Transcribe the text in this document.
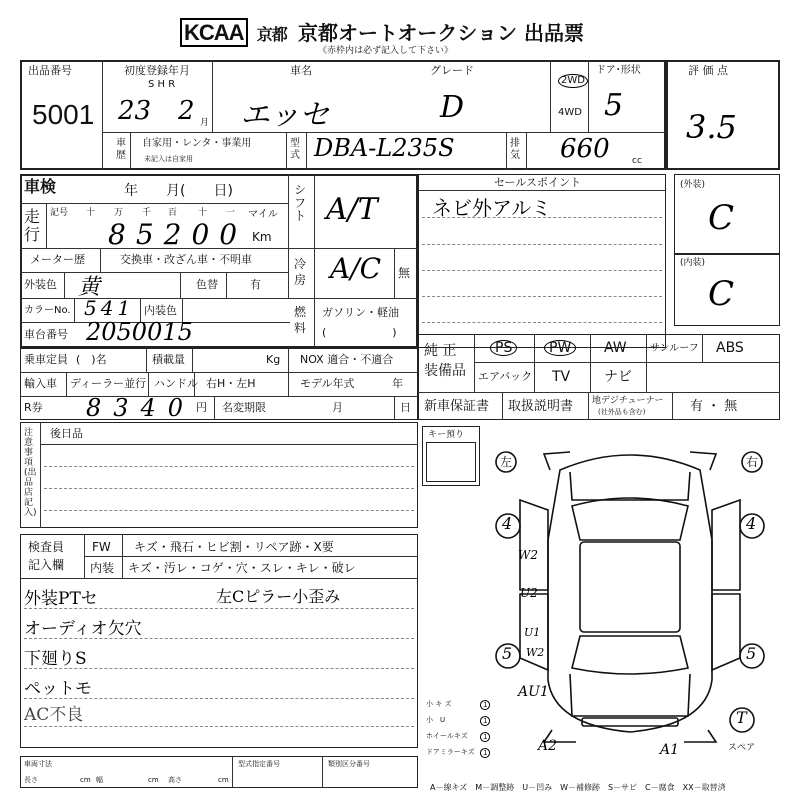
KCAA 京都 京都オートオークション 出品票
《赤枠内は必ず記入して下さい》
評 価 点
3.5
出品番号
5001
初度登録年月
S H R
23 2 月
車名
エッセ
グレード
D
2WD
4WD
ドア･形状
5
車歴
自家用・レンタ・事業用
未記入は自家用
型式 DBA-L235S	排気 660 cc
車検	年　　月(　　日)
走行
記号 十 万 千 百 十 一 マイル
85200 Km
メーター歴	交換車・改ざん車・不明車
外装色 黄	色替	有
カラーNo. 541 内装色
車台番号 2050015
シフト A/T
冷房 A/C 無
燃料
ガソリン・軽油
(　　　　　　)
セールスポイント
ネビ外アルミ
(外装)
C
(内装)
C
乗車定員 (　)名	積載量	Kg NOX 適合・不適合
輸入車 ディーラー並行 ハンドル 右H・左H	モデル年式	年
R券 8340 円 名変期限	月	日
純 正
装備品
PS	PW	AW サンルーフ ABS
エアバック TV ナビ
新車保証書 取扱説明書 地デジチューナー
(社外品も含む)	有 ・ 無
注意事項(出品店記入)
後日品	キー預り
検査員
記入欄
FW キズ・飛石・ヒビ割・リペア跡・X要
内装 キズ・汚レ・コゲ・穴・スレ・キレ・破レ
外装PTセ
オーディオ欠穴
下廻りS
ペットモ
AC不良
左Cピラー小歪み
車両寸法
長さ	cm 幅	cm 高さ	cm
型式指定番号	類別区分番号
左	右
4	4
5	5
T
スペア
W2
U2
U1
W2
AU1
A2	A1
小 キ ズ	1
小　U	1
ホイールキズ	1
ドアミラーキズ	1
A－線キズ　M－調整跡　U－凹み　W－補修跡　S－サビ　C－腐食　XX－取替済
